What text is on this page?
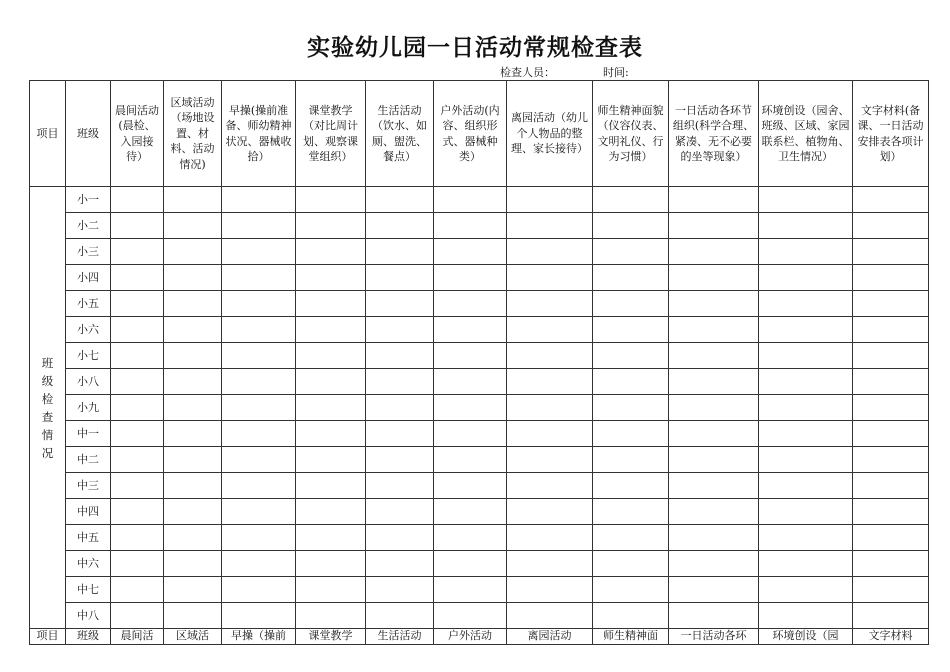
实验幼儿园一日活动常规检查表
检查人员：	时间:
项目	班级	晨间活动(晨检、入园接待）	区域活动（场地设置、材料、活动情况)	早操(操前准备、师幼精神状况、器械收拾）	课堂教学（对比周计划、观察课堂组织）	生活活动（饮水、如厕、盥洗、餐点）	户外活动(内容、组织形式、器械种类）	离园活动（幼儿个人物品的整理、家长接待）	师生精神面貌（仪容仪表、文明礼仪、行为习惯）	一日活动各环节组织(科学合理、紧凑、无不必要的坐等现象）	环境创设（园舍、班级、区域、家园联系栏、植物角、卫生情况）	文字材料(备课、一日活动安排表各项计划）

班级检查情况	小一											
	小二											
	小三											
	小四											
	小五											
	小六											
	小七											
	小八											
	小九											
	中一											
	中二											
	中三											
	中四											
	中五											
	中六											
	中七											
	中八											
项目	班级	晨间活	区域活	早操（操前	课堂教学	生活活动	户外活动	离园活动	师生精神面	一日活动各环	环境创设（园	文字材料
